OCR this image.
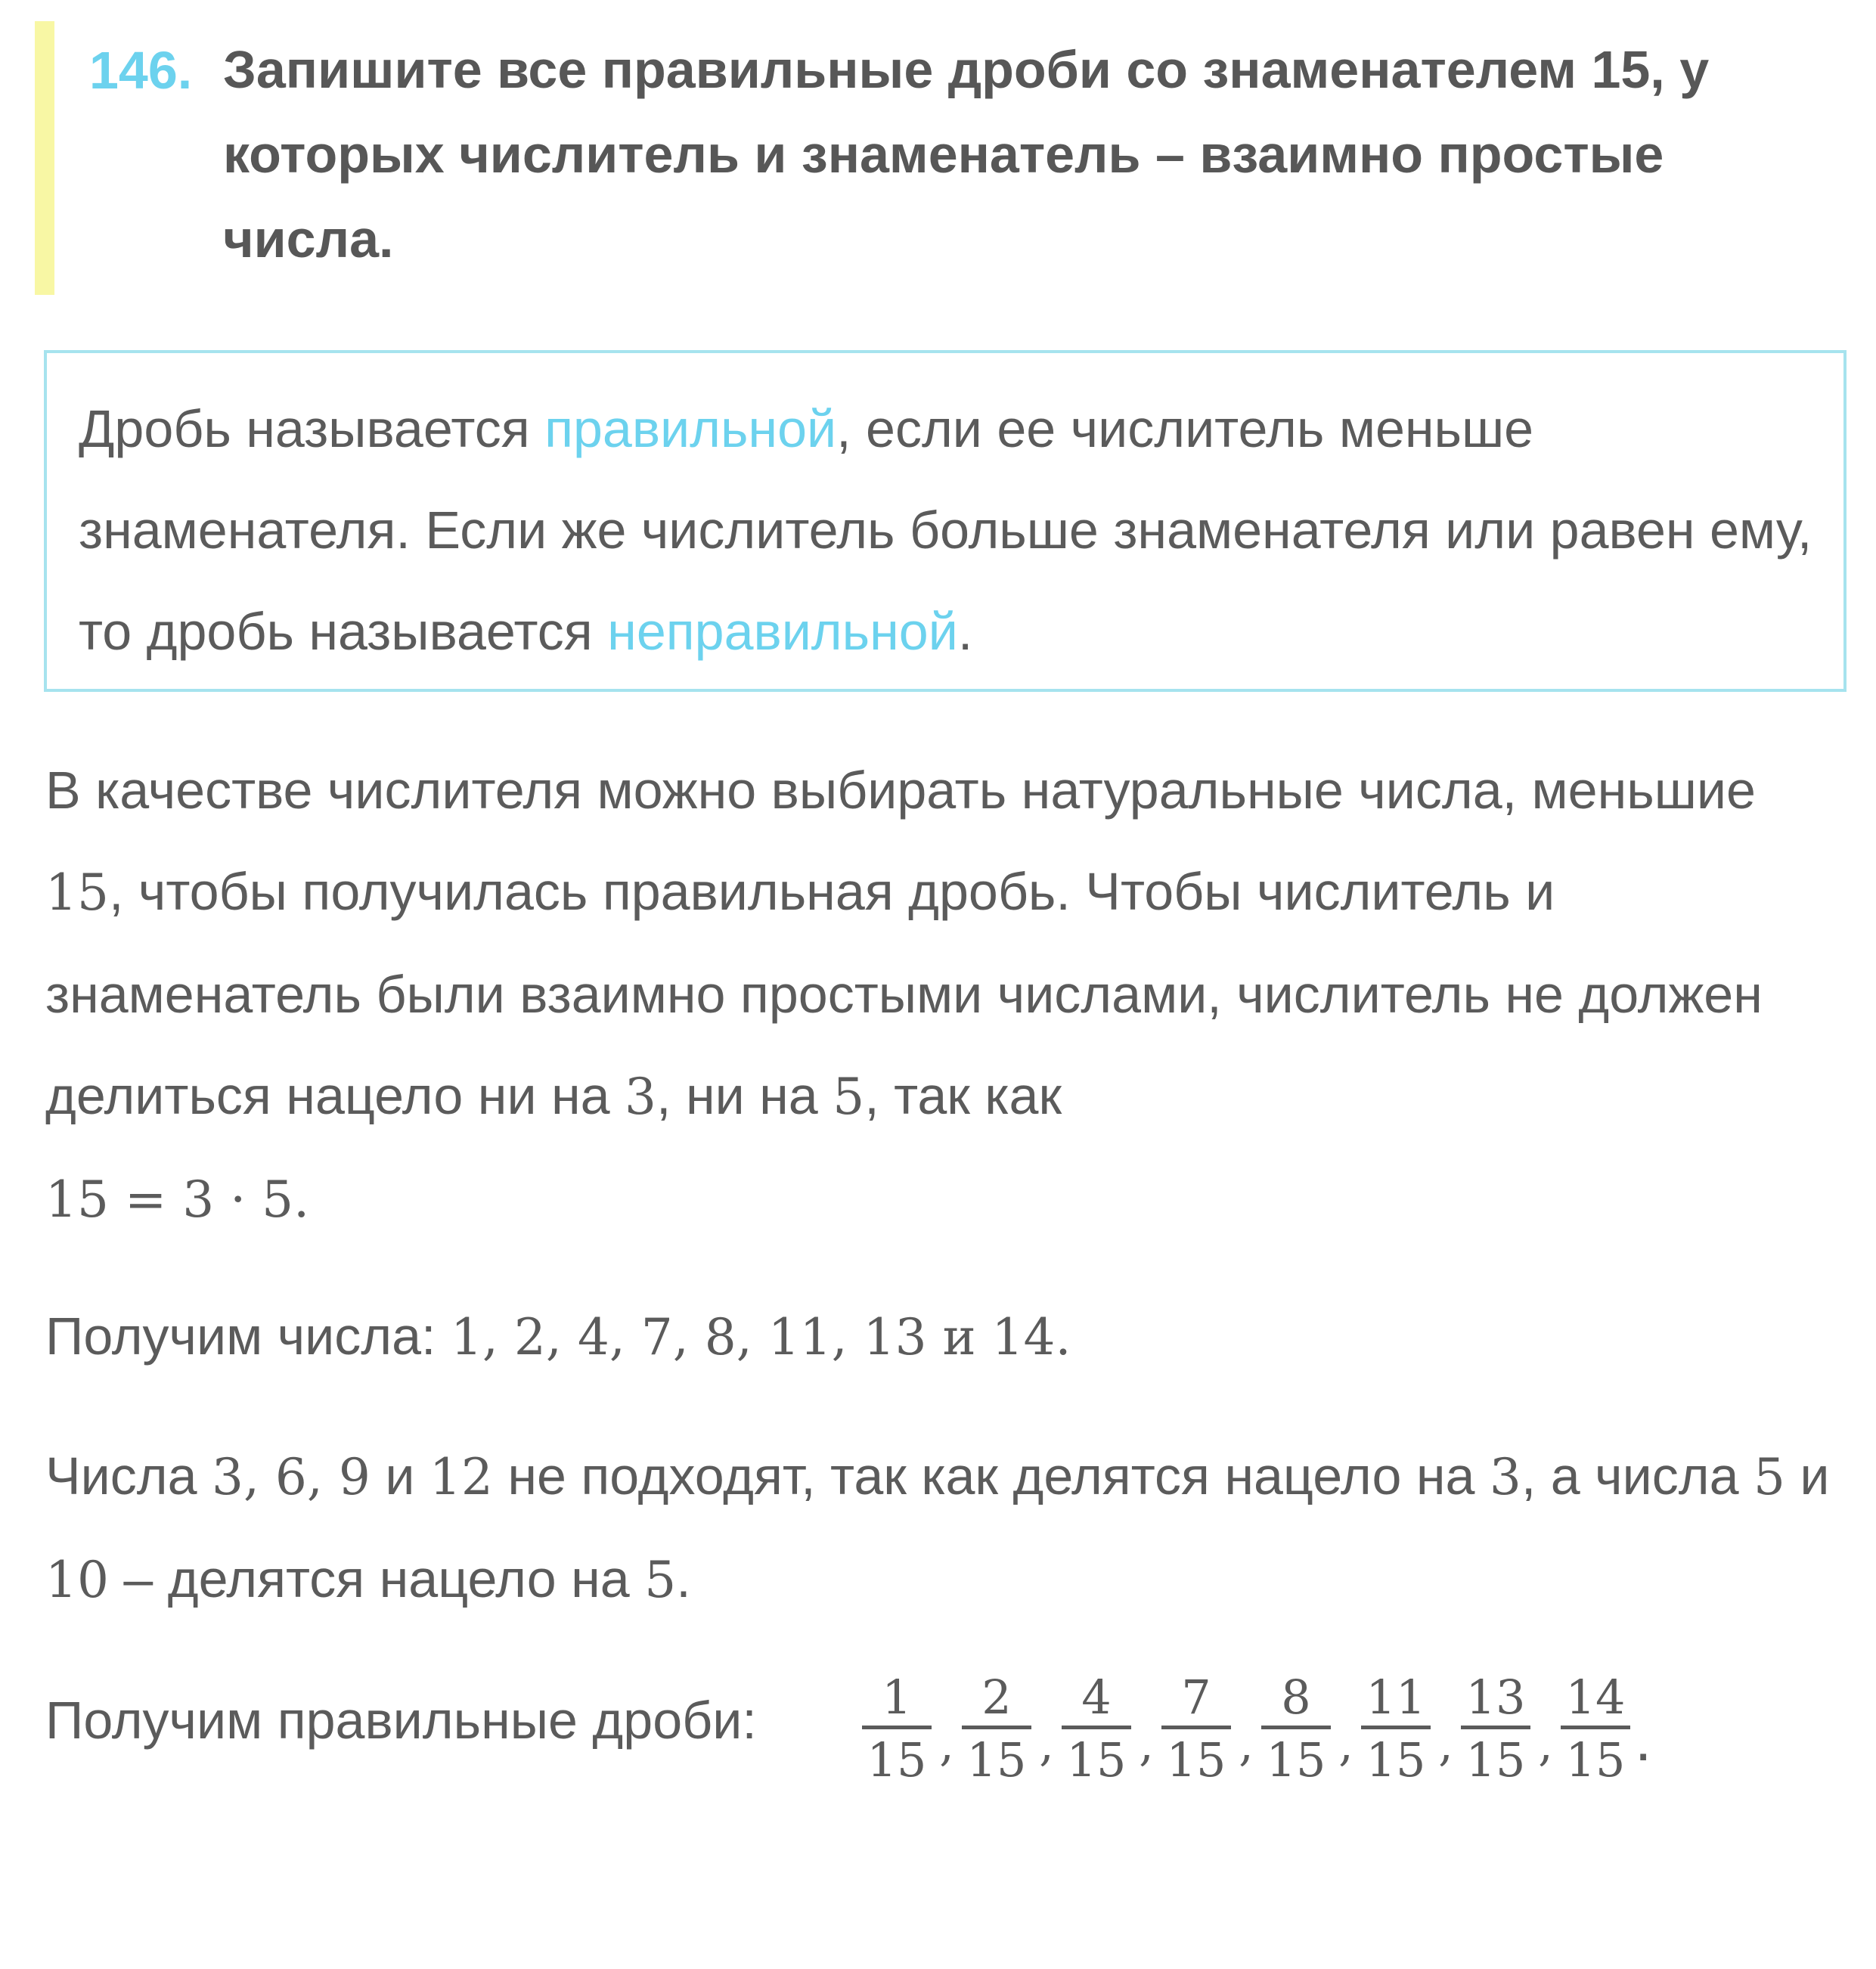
146. Запишите все правильные дроби со знаменателем 15, у которых числитель и знаменатель – взаимно простые числа.
Дробь называется правильной, если ее числитель меньше знаменателя. Если же числитель больше знаменателя или равен ему, то дробь называется неправильной.
В качестве числителя можно выбирать натуральные числа, меньшие 15, чтобы получилась правильная дробь. Чтобы числитель и знаменатель были взаимно простыми числами, числитель не должен делиться нацело ни на 3, ни на 5, так как
15 = 3 · 5.
Получим числа: 1, 2, 4, 7, 8, 11, 13 и 14.
Числа 3, 6, 9 и 12 не подходят, так как делятся нацело на 3, а числа 5 и 10 – делятся нацело на 5.
Получим правильные дроби:	1
15 ,
2
15 ,
4
15 ,
7
15 ,
8
15 ,
11
15 ,
13
15 ,
14
15 .
